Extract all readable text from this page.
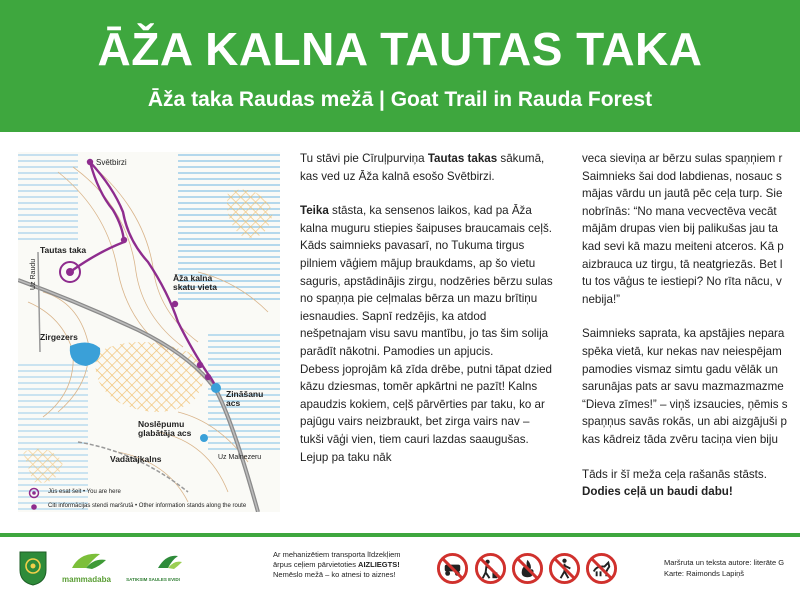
ĀŽA KALNA TAUTAS TAKA
Āža taka Raudas mežā | Goat Trail in Rauda Forest
Svētbirzi
Tautas taka
Uz Raudu	Āža kalna skatu vieta
Zirgezers
Zināšanu acs
Noslēpumu glabātāja acs
Vadātājkalns	Uz Malnezeru
Jūs esat šeit • You are here
Citi informācijas stendi maršrutā • Other information stands along the route

Tu stāvi pie Cīruļpurviņa Tautas takas sākumā, kas ved uz Āža kalnā esošo Svētbirzi.

Teika stāsta, ka sensenos laikos, kad pa Āža kalna muguru stiepies šaipuses braucamais ceļš. Kāds saimnieks pavasarī, no Tukuma tirgus pilniem vāģiem mājup braukdams, ap šo vietu saguris, apstādinājis zirgu, nodzēries bērzu sulas no spaņņa pie ceļmalas bērza un mazu brītiņu iesnaudies. Sapnī redzējis, ka atdod nešpetnajam visu savu mantību, jo tas šim solija parādīt nākotni. Pamodies un apjucis.

Debess joprojām kā zīda drēbe, putni tāpat dzied kāzu dziesmas, tomēr apkārtni ne pazīt! Kalns apaudzis kokiem, ceļš pārvērties par taku, ko ar pajūgu vairs neizbraukt, bet zirga vairs nav – tukši vāģi vien, tiem cauri lazdas saaugušas. Lejup pa taku nāk

veca sieviņa ar bērzu sulas spaņņiem r
Saimnieks šai dod labdienas, nosauc s
mājas vārdu un jautā pēc ceļa turp. Sie
nobrīnās: “No mana vecvectēva vecāt
mājām drupas vien bij palikušas jau ta
kad sevi kā mazu meiteni atceros. Kā p
aizbrauca uz tirgu, tā neatgriezās. Bet l
tu tos vāģus te iestiepi? No rīta nācu, v
nebija!”
Saimnieks saprata, ka apstājies nepara
spēka vietā, kur nekas nav neiespējam
pamodies vismaz simtu gadu vēlāk un
sarunājas pats ar savu mazmazmazme
“Dieva zīmes!” – viņš izsaucies, ņēmis s
spaņņus savās rokās, un abi aizgājuši p
kas kādreiz tāda zvēru taciņa vien biju

Tāds ir šī meža ceļa rašanās stāsts.

Dodies ceļā un baudi dabu!

mammadaba	SATIKSIM SAULES EVIDI
Ar mehanizētiem transporta līdzekļiem
ārpus ceļiem pārvietoties AIZLIEGTS!
Nemēslo mežā – ko atnesi to aiznes!
Maršruta un teksta autore: literāte G
Karte: Raimonds Lapiņš
